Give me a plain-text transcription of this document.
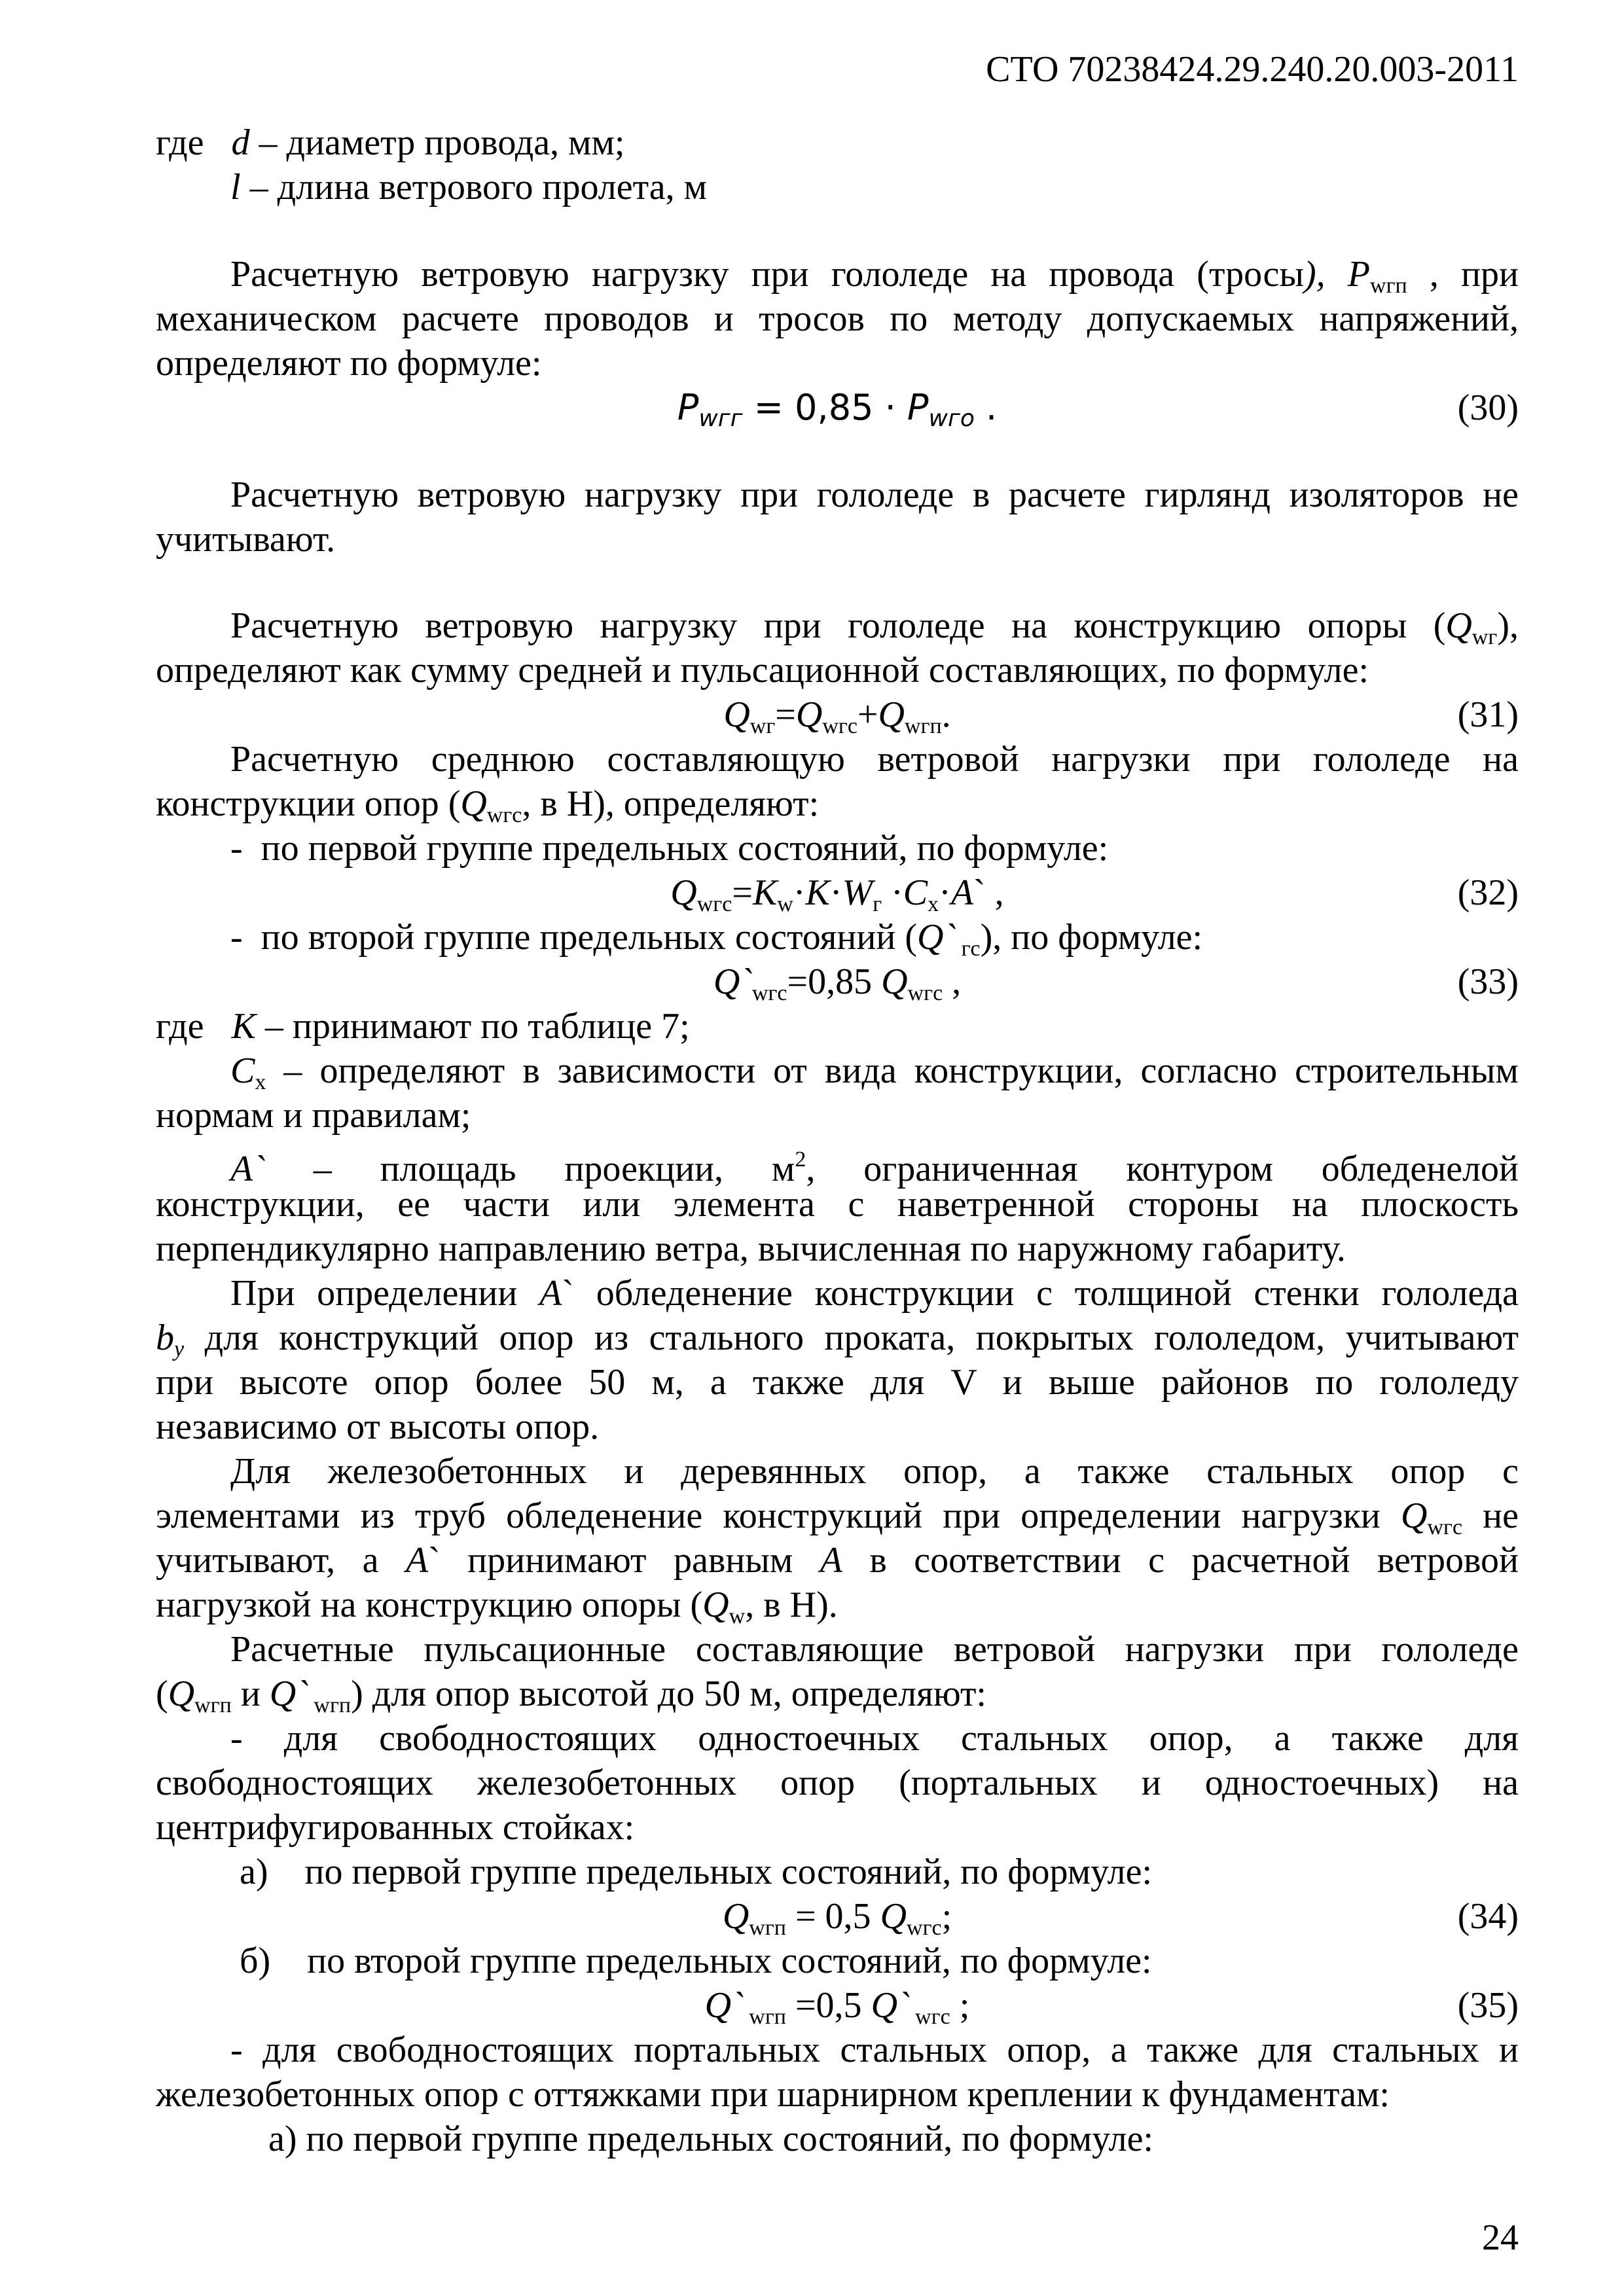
СТО 70238424.29.240.20.003-2011
где d – диаметр провода, мм;
l – длина ветрового пролета, м
Расчетную ветровую нагрузку при гололеде на провода (тросы), $P_{wгп}$ , при
механическом расчете проводов и тросов по методу допускаемых напряжений,
определяют по формуле:
$P_{wгг} = 0,85 \cdot P_{wго}$ .	(30)
Расчетную ветровую нагрузку при гололеде в расчете гирлянд изоляторов не
учитывают.
Расчетную ветровую нагрузку при гололеде на конструкцию опоры $(Q_{wг})$,
определяют как сумму средней и пульсационной составляющих, по формуле:
$Q_{wг}=Q_{wгс}+Q_{wгп}$.	(31)
Расчетную среднюю составляющую ветровой нагрузки при гололеде на
конструкции опор ($Q_{wгс}$, в Н), определяют:
-  по первой группе предельных состояний, по формуле:
$Q_{wгс}=K_w\cdot K\cdot W_г$ $\cdot C_x\cdot A`$ ,	(32)
-  по второй группе предельных состояний (Q` $_{гс}$), по формуле:
$Q`_{wгс}=0,85$ $Q_{wгс}$ ,	(33)
где K – принимают по таблице 7;
$C_x$ – определяют в зависимости от вида конструкции, согласно строительным
нормам и правилам;
A` – площадь проекции, $м^2$, ограниченная контуром обледенелой
конструкции, ее части или элемента с наветренной стороны на плоскость
перпендикулярно направлению ветра, вычисленная по наружному габариту.
При определении A` обледенение конструкции с толщиной стенки гололеда
$b_у$ для конструкций опор из стального проката, покрытых гололедом, учитывают
при высоте опор более 50 м, а также для V и выше районов по гололеду
независимо от высоты опор.
Для железобетонных и деревянных опор, а также стальных опор с
элементами из труб обледенение конструкций при определении нагрузки $Q_{wгс}$ не
учитывают, а A` принимают равным A в соответствии с расчетной ветровой
нагрузкой на конструкцию опоры ($Q_w$, в Н).
Расчетные пульсационные составляющие ветровой нагрузки при гололеде
($Q_{wгп}$ и Q` $_{wгп}$) для опор высотой до 50 м, определяют:
- для свободностоящих одностоечных стальных опор, а также для
свободностоящих железобетонных опор (портальных и одностоечных) на
центрифугированных стойках:
а)    по первой группе предельных состояний, по формуле:
$Q_{wгп} = 0,5$ $Q_{wгс}$;	(34)
б)    по второй группе предельных состояний, по формуле:
Q` $_{wгп}$ =0,5 Q` $_{wгс}$ ;	(35)
- для свободностоящих портальных стальных опор, а также для стальных и
железобетонных опор с оттяжками при шарнирном креплении к фундаментам:
а) по первой группе предельных состояний, по формуле:
24
